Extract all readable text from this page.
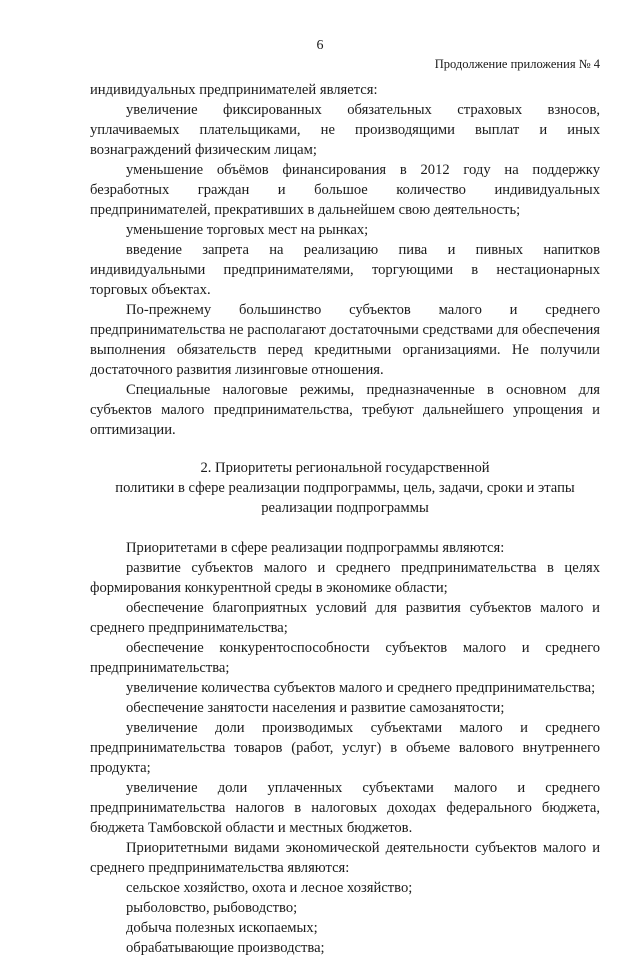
6
Продолжение приложения № 4

индивидуальных предпринимателей является:

увеличение фиксированных обязательных страховых взносов, уплачиваемых плательщиками, не производящими выплат и иных вознаграждений физическим лицам;

уменьшение объёмов финансирования в 2012 году на поддержку безработных граждан и большое количество индивидуальных предпринимателей, прекративших в дальнейшем свою деятельность;

уменьшение торговых мест на рынках;

введение запрета на реализацию пива и пивных напитков индивидуальными предпринимателями, торгующими в нестационарных торговых объектах.

По-прежнему большинство субъектов малого и среднего предпринимательства не располагают достаточными средствами для обеспечения выполнения обязательств перед кредитными организациями. Не получили достаточного развития лизинговые отношения.

Специальные налоговые режимы, предназначенные в основном для субъектов малого предпринимательства, требуют дальнейшего упрощения и оптимизации.

2. Приоритеты региональной государственной
политики в сфере реализации подпрограммы, цель, задачи, сроки и этапы
реализации подпрограммы

Приоритетами в сфере реализации подпрограммы являются:

развитие субъектов малого и среднего предпринимательства в целях формирования конкурентной среды в экономике области;

обеспечение благоприятных условий для развития субъектов малого и среднего предпринимательства;

обеспечение конкурентоспособности субъектов малого и среднего предпринимательства;

увеличение количества субъектов малого и среднего предпринимательства;

обеспечение занятости населения и развитие самозанятости;

увеличение доли производимых субъектами малого и среднего предпринимательства товаров (работ, услуг) в объеме валового внутреннего продукта;

увеличение доли уплаченных субъектами малого и среднего предпринимательства налогов в налоговых доходах федерального бюджета, бюджета Тамбовской области и местных бюджетов.

Приоритетными видами экономической деятельности субъектов малого и среднего предпринимательства являются:

сельское хозяйство, охота и лесное хозяйство;

рыболовство, рыбоводство;

добыча полезных ископаемых;

обрабатывающие производства;
